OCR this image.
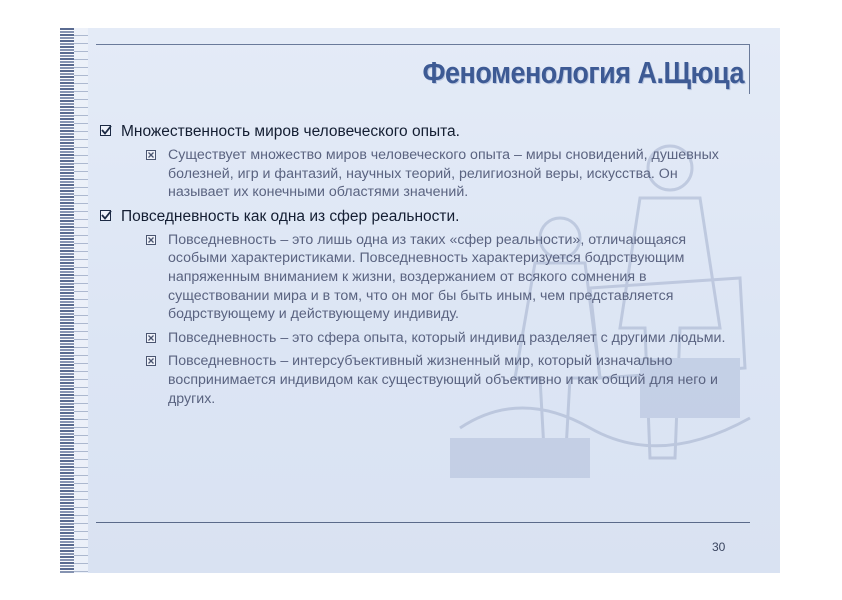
Феноменология А.Щюца
Множественность миров человеческого опыта.
Существует множество миров человеческого опыта – миры сновидений, душевных болезней, игр и фантазий, научных теорий, религиозной веры, искусства. Он называет их конечными областями значений.
Повседневность как одна из сфер реальности.
Повседневность – это лишь одна из таких «сфер реальности», отличающаяся особыми характеристиками. Повседневность характеризуется бодрствующим напряженным вниманием к жизни, воздержанием от всякого сомнения в существовании мира и в том, что он мог бы быть иным, чем представляется бодрствующему и действующему индивиду.
Повседневность – это сфера опыта, который индивид разделяет с другими людьми.
Повседневность – интерсубъективный жизненный мир, который изначально воспринимается индивидом как существующий объективно и как общий для него и других.
30
